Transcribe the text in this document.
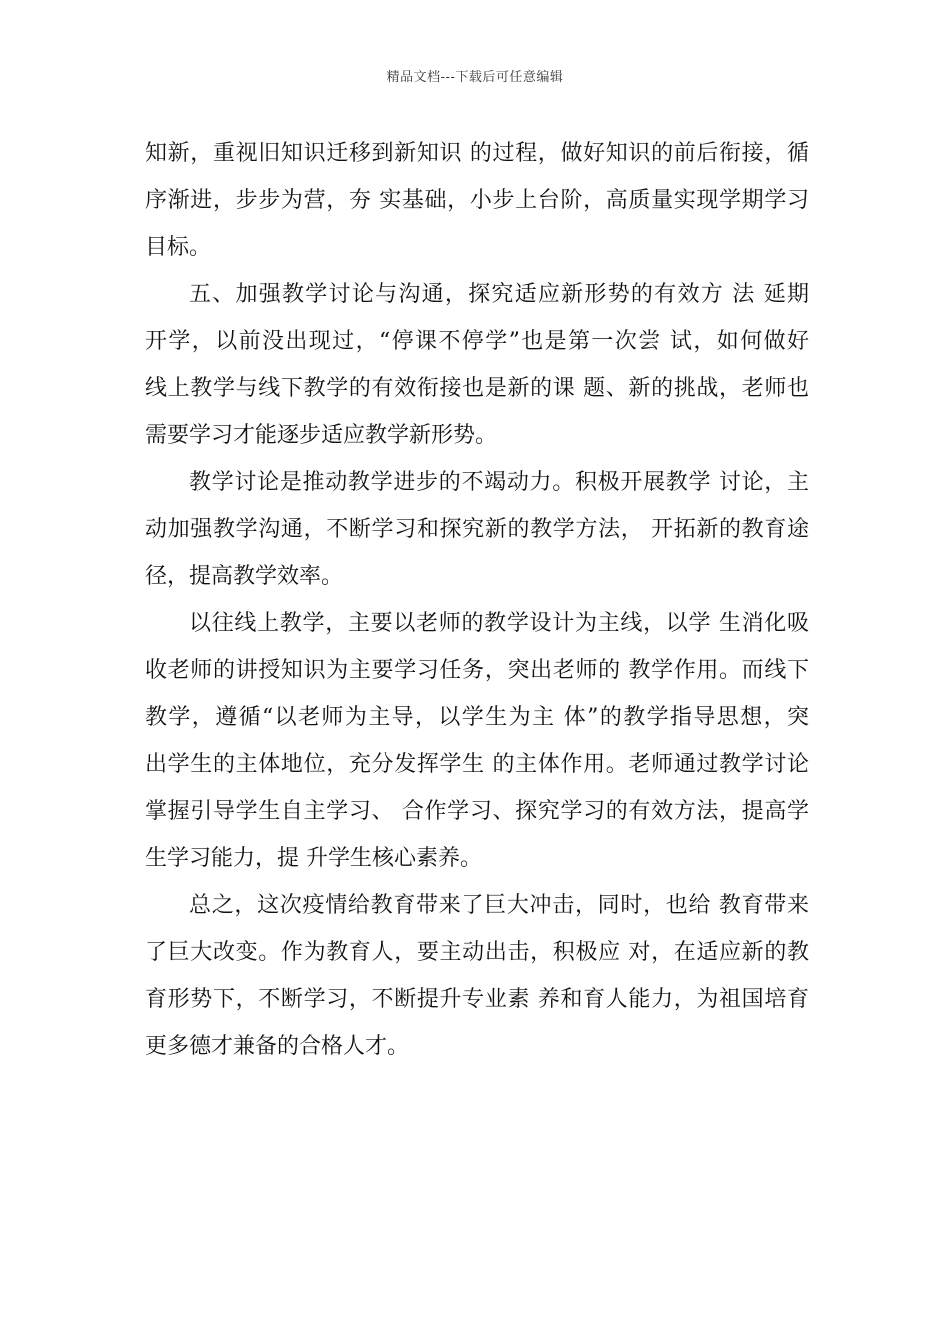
精品文档---下载后可任意编辑
知新，重视旧知识迁移到新知识 的过程，做好知识的前后衔接，循
序渐进，步步为营，夯 实基础，小步上台阶，高质量实现学期学习
目标。
五、加强教学讨论与沟通，探究适应新形势的有效方 法 延期
开学，以前没出现过，“停课不停学”也是第一次尝 试，如何做好
线上教学与线下教学的有效衔接也是新的课 题、新的挑战，老师也
需要学习才能逐步适应教学新形势。
教学讨论是推动教学进步的不竭动力。积极开展教学 讨论，主
动加强教学沟通，不断学习和探究新的教学方法， 开拓新的教育途
径，提高教学效率。
以往线上教学，主要以老师的教学设计为主线，以学 生消化吸
收老师的讲授知识为主要学习任务，突出老师的 教学作用。而线下
教学，遵循“以老师为主导，以学生为主 体”的教学指导思想，突
出学生的主体地位，充分发挥学生 的主体作用。老师通过教学讨论
掌握引导学生自主学习、 合作学习、探究学习的有效方法，提高学
生学习能力，提 升学生核心素养。
总之，这次疫情给教育带来了巨大冲击，同时，也给 教育带来
了巨大改变。作为教育人，要主动出击，积极应 对，在适应新的教
育形势下，不断学习，不断提升专业素 养和育人能力，为祖国培育
更多德才兼备的合格人才。
